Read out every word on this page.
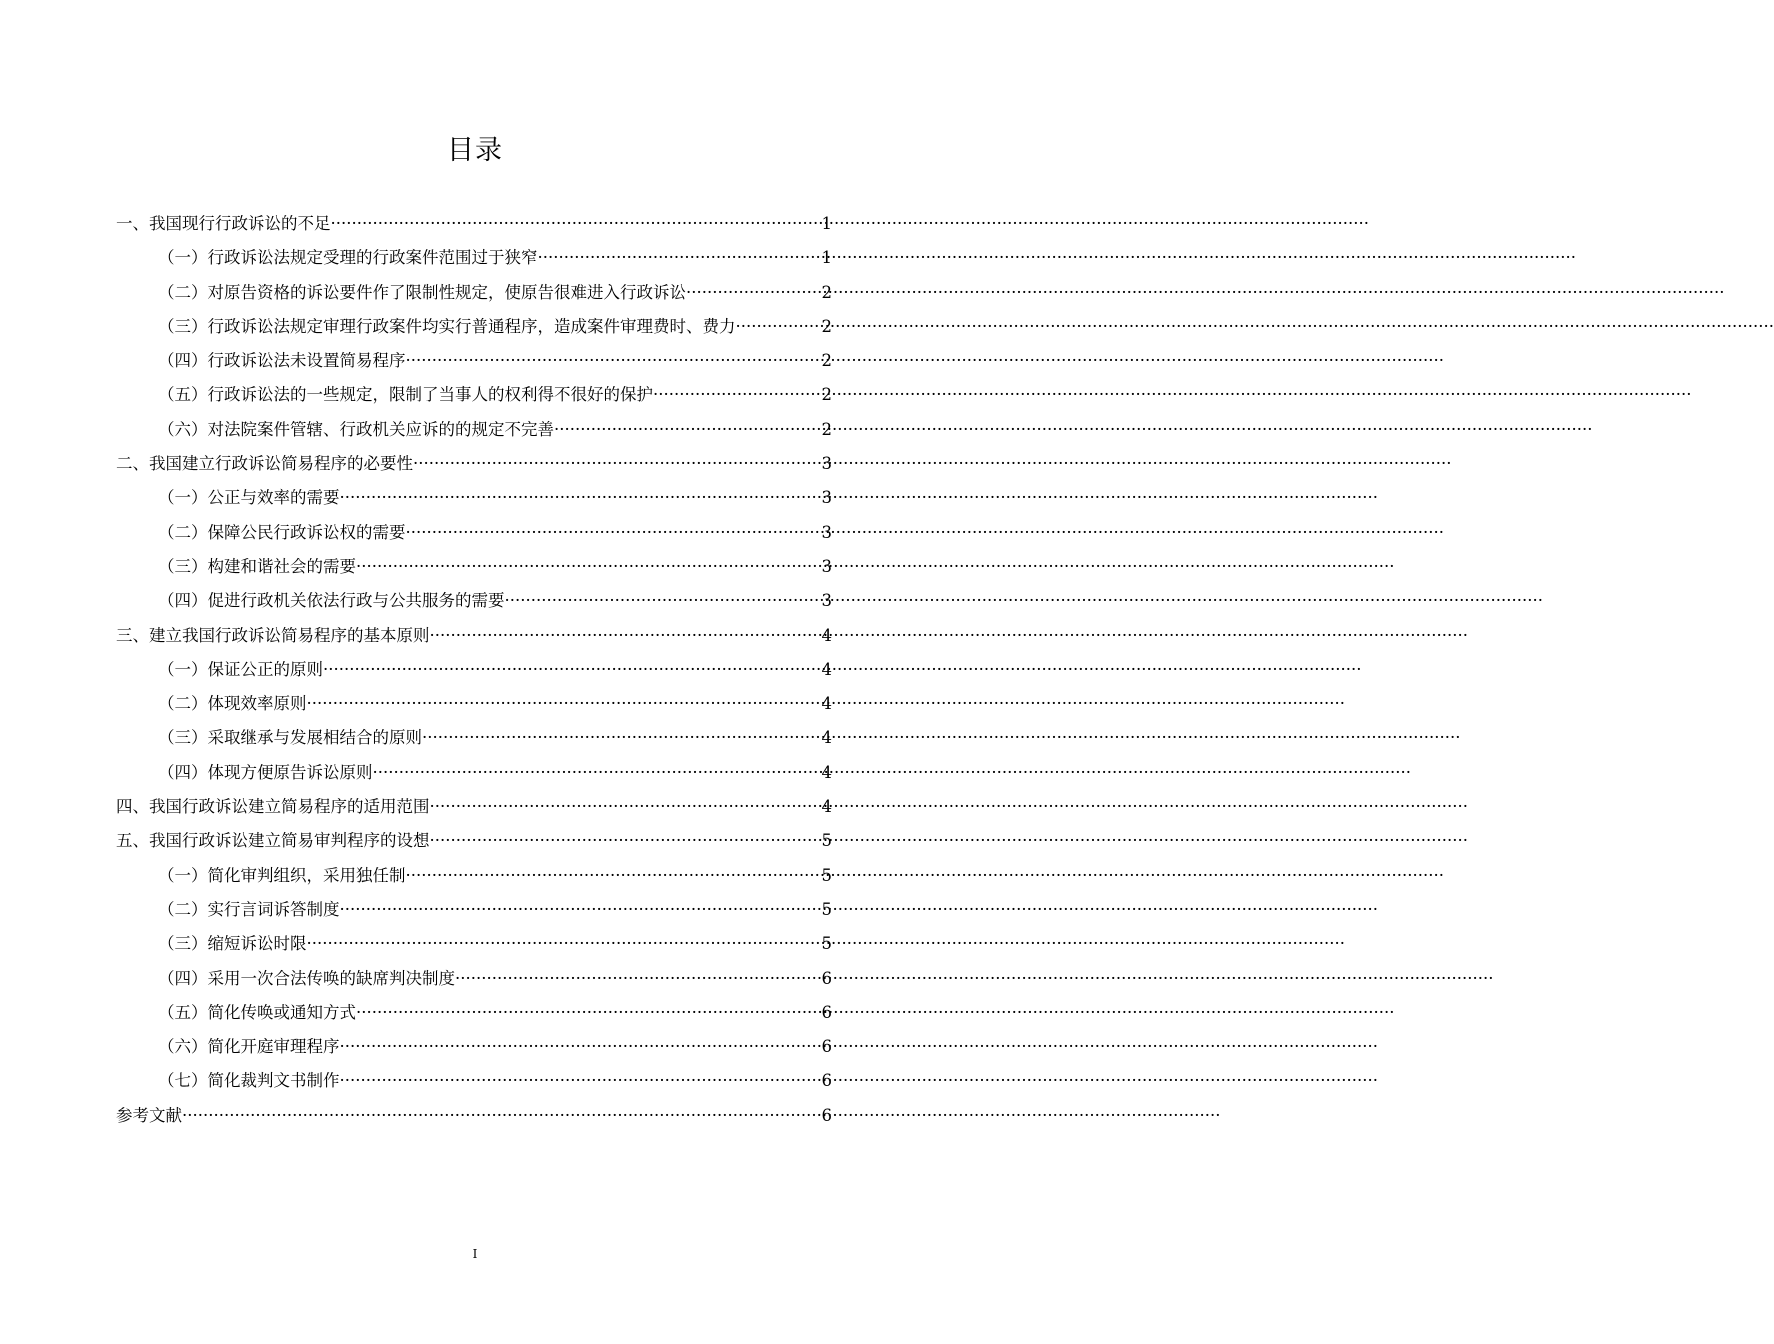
目录
一、我国现行行政诉讼的不足 ·····	1
（一）行政诉讼法规定受理的行政案件范围过于狭窄 ·····	1
（二）对原告资格的诉讼要件作了限制性规定，使原告很难进入行政诉讼 ·····	2
（三）行政诉讼法规定审理行政案件均实行普通程序，造成案件审理费时、费力 ·····	2
（四）行政诉讼法未设置简易程序 ·····	2
（五）行政诉讼法的一些规定，限制了当事人的权利得不很好的保护 ·····	2
（六）对法院案件管辖、行政机关应诉的的规定不完善 ·····	2
二、我国建立行政诉讼简易程序的必要性 ·····	3
（一）公正与效率的需要 ·····	3
（二）保障公民行政诉讼权的需要 ·····	3
（三）构建和谐社会的需要 ·····	3
（四）促进行政机关依法行政与公共服务的需要 ·····	3
三、建立我国行政诉讼简易程序的基本原则 ·····	4
（一）保证公正的原则 ·····	4
（二）体现效率原则 ·····	4
（三）采取继承与发展相结合的原则 ·····	4
（四）体现方便原告诉讼原则 ·····	4
四、我国行政诉讼建立简易程序的适用范围 ·····	4
五、我国行政诉讼建立简易审判程序的设想 ·····	5
（一）简化审判组织，采用独任制 ·····	5
（二）实行言词诉答制度 ·····	5
（三）缩短诉讼时限 ·····	5
（四）采用一次合法传唤的缺席判决制度 ·····	6
（五）简化传唤或通知方式 ·····	6
（六）简化开庭审理程序 ·····	6
（七）简化裁判文书制作 ·····	6
参考文献 ·····	6
I
